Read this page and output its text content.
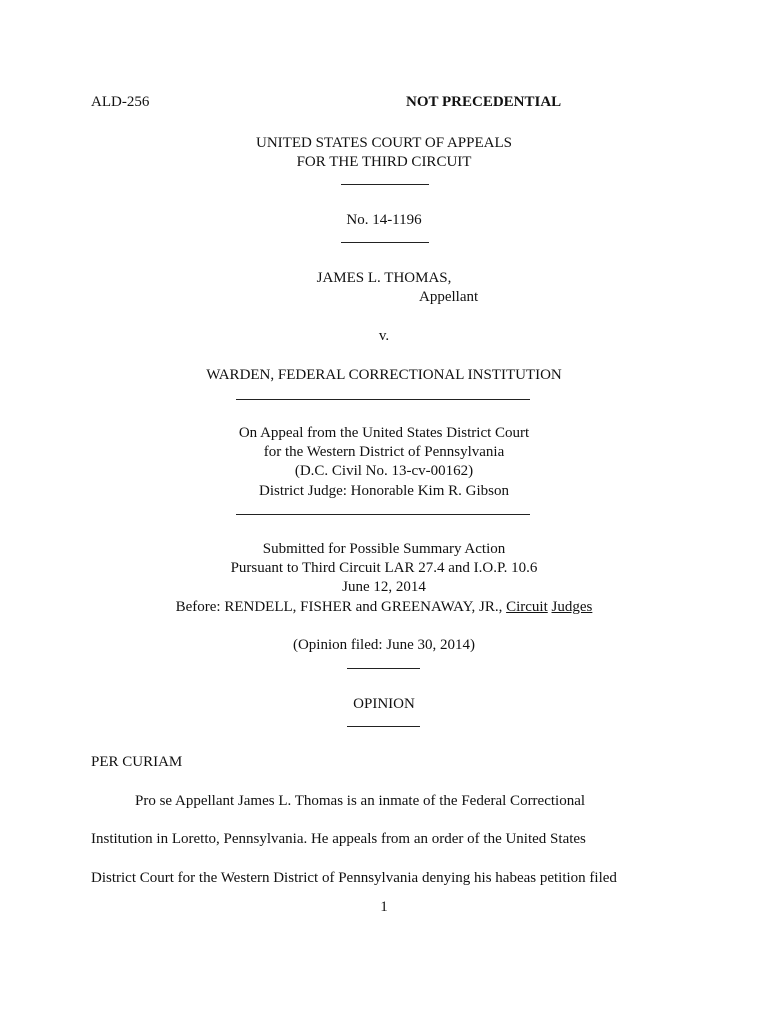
ALD-256	NOT PRECEDENTIAL
UNITED STATES COURT OF APPEALS
FOR THE THIRD CIRCUIT
No. 14-1196
JAMES L. THOMAS,
Appellant
v.
WARDEN, FEDERAL CORRECTIONAL INSTITUTION
On Appeal from the United States District Court
for the Western District of Pennsylvania
(D.C. Civil No. 13-cv-00162)
District Judge: Honorable Kim R. Gibson
Submitted for Possible Summary Action
Pursuant to Third Circuit LAR 27.4 and I.O.P. 10.6
June 12, 2014
Before: RENDELL, FISHER and GREENAWAY, JR., Circuit Judges
(Opinion filed: June 30, 2014)
OPINION
PER CURIAM
Pro se Appellant James L. Thomas is an inmate of the Federal Correctional
Institution in Loretto, Pennsylvania. He appeals from an order of the United States
District Court for the Western District of Pennsylvania denying his habeas petition filed
1
